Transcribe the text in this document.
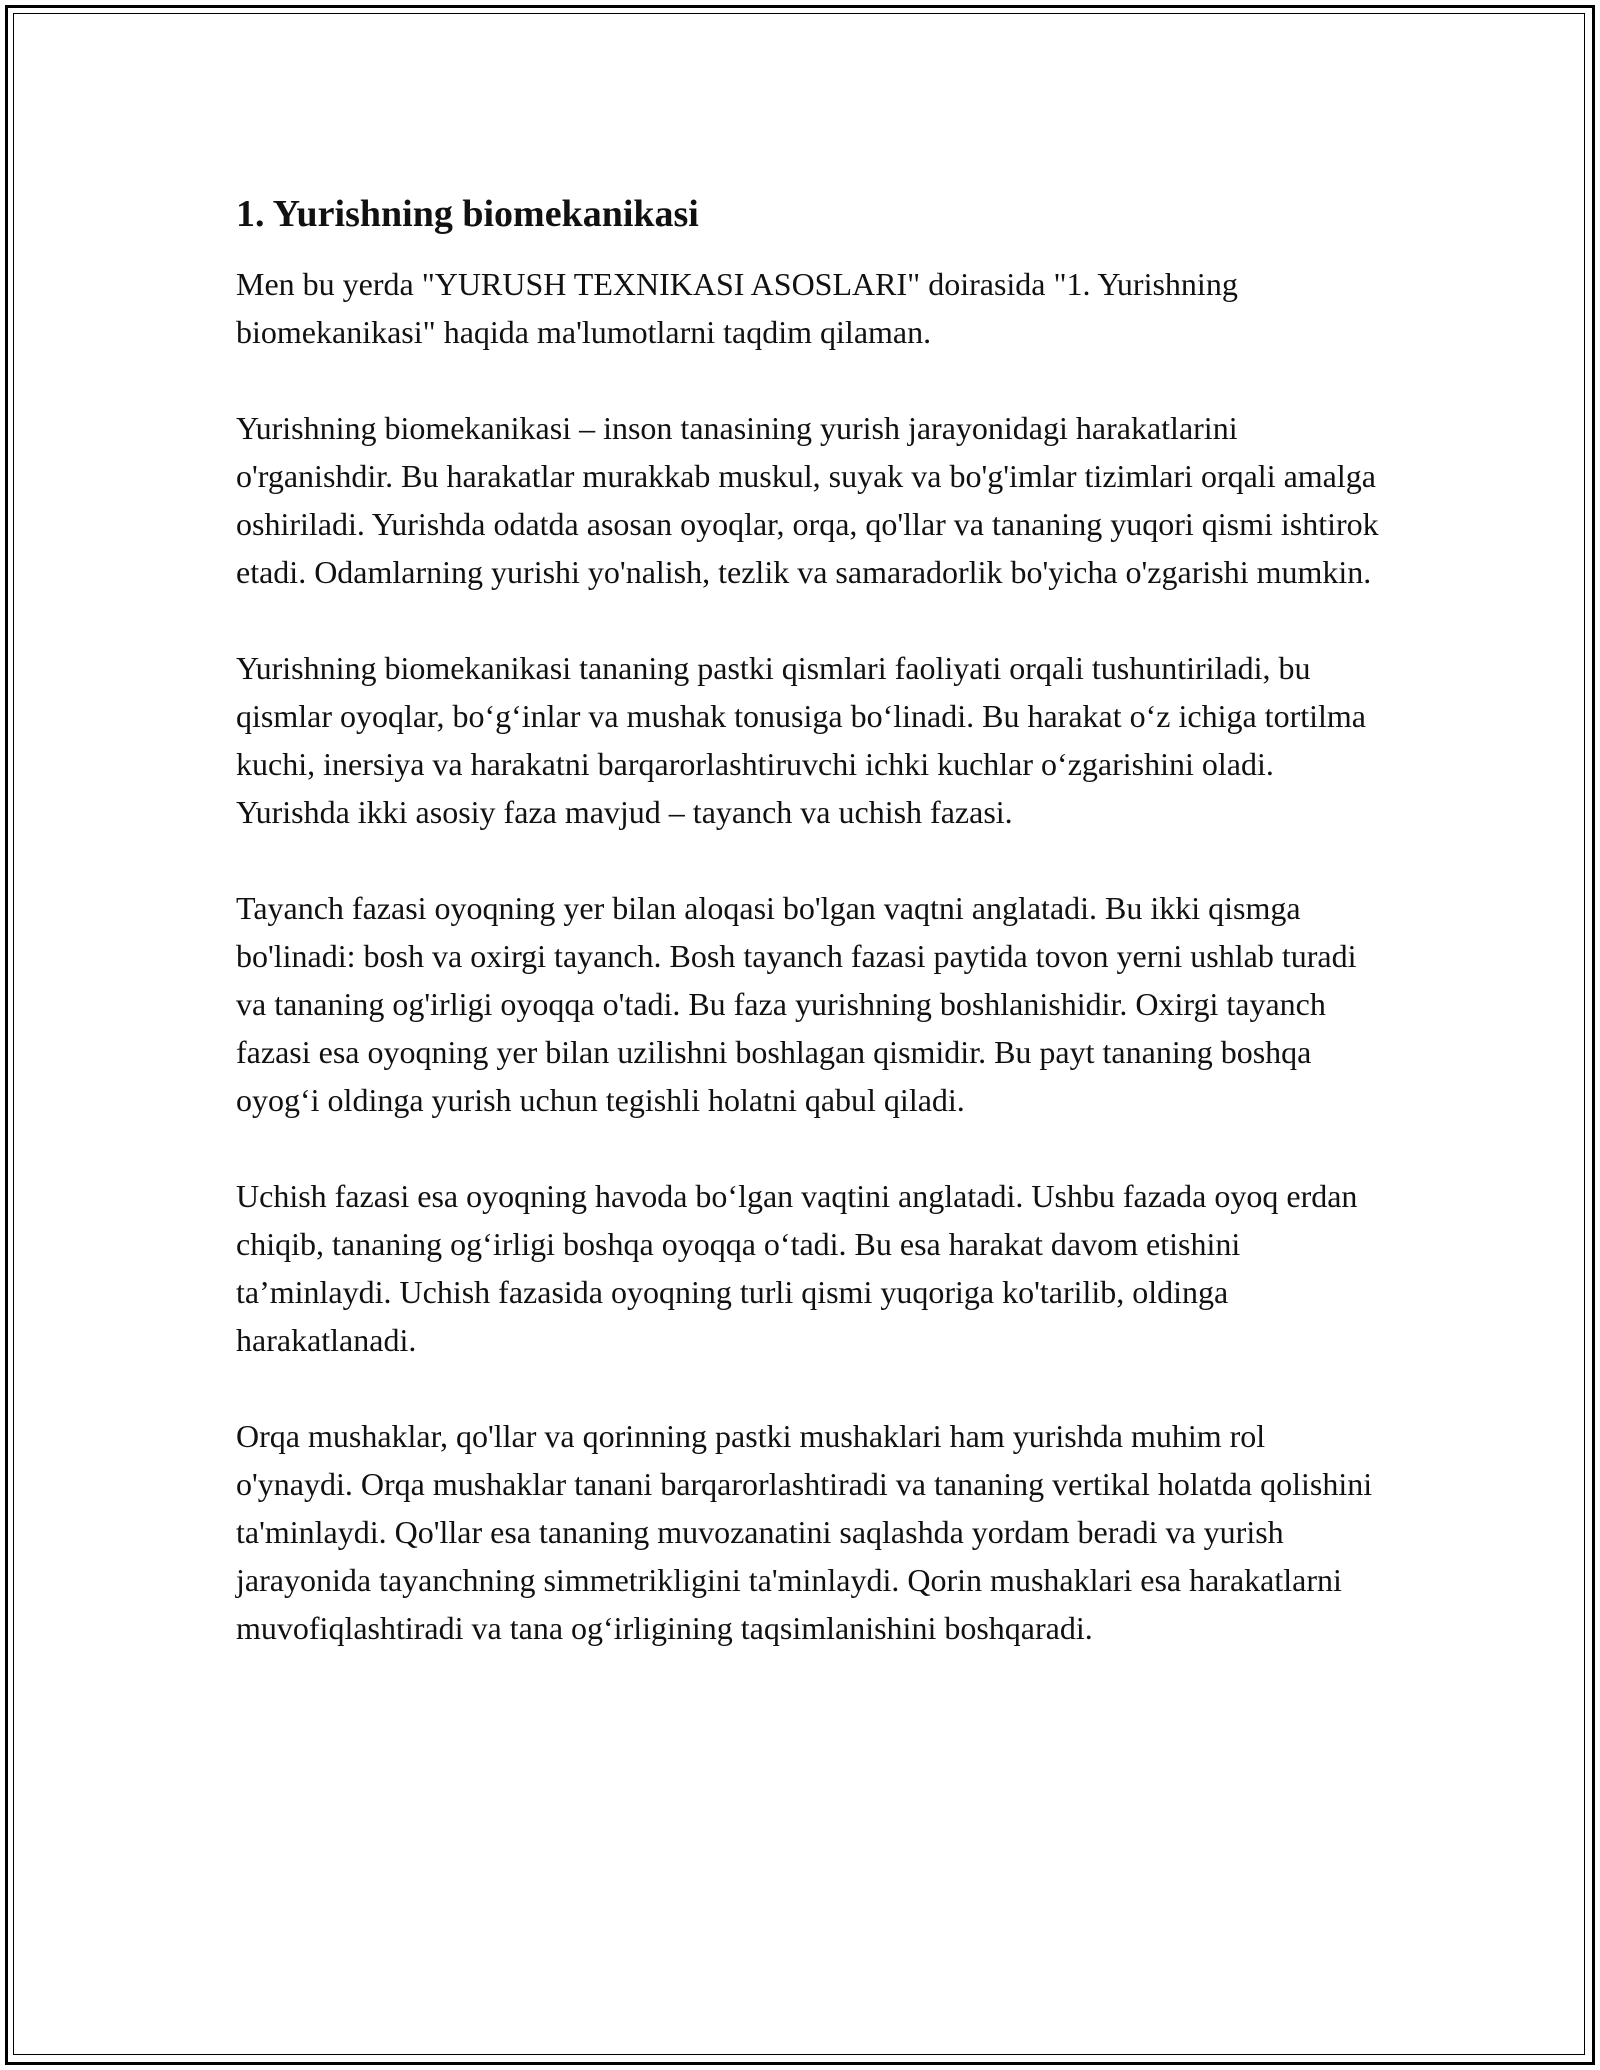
1. Yurishning biomekanikasi

Men bu yerda "YURUSH TEXNIKASI ASOSLARI" doirasida "1. Yurishning biomekanikasi" haqida ma'lumotlarni taqdim qilaman.

Yurishning biomekanikasi – inson tanasining yurish jarayonidagi harakatlarini o'rganishdir. Bu harakatlar murakkab muskul, suyak va bo'g'imlar tizimlari orqali amalga oshiriladi. Yurishda odatda asosan oyoqlar, orqa, qo'llar va tananing yuqori qismi ishtirok etadi. Odamlarning yurishi yo'nalish, tezlik va samaradorlik bo'yicha o'zgarishi mumkin.

Yurishning biomekanikasi tananing pastki qismlari faoliyati orqali tushuntiriladi, bu qismlar oyoqlar, bo‘g‘inlar va mushak tonusiga bo‘linadi. Bu harakat o‘z ichiga tortilma kuchi, inersiya va harakatni barqarorlashtiruvchi ichki kuchlar o‘zgarishini oladi. Yurishda ikki asosiy faza mavjud – tayanch va uchish fazasi.

Tayanch fazasi oyoqning yer bilan aloqasi bo'lgan vaqtni anglatadi. Bu ikki qismga bo'linadi: bosh va oxirgi tayanch. Bosh tayanch fazasi paytida tovon yerni ushlab turadi va tananing og'irligi oyoqqa o'tadi. Bu faza yurishning boshlanishidir. Oxirgi tayanch fazasi esa oyoqning yer bilan uzilishni boshlagan qismidir. Bu payt tananing boshqa oyog‘i oldinga yurish uchun tegishli holatni qabul qiladi.

Uchish fazasi esa oyoqning havoda bo‘lgan vaqtini anglatadi. Ushbu fazada oyoq erdan chiqib, tananing og‘irligi boshqa oyoqqa o‘tadi. Bu esa harakat davom etishini ta’minlaydi. Uchish fazasida oyoqning turli qismi yuqoriga ko'tarilib, oldinga harakatlanadi.

Orqa mushaklar, qo'llar va qorinning pastki mushaklari ham yurishda muhim rol o'ynaydi. Orqa mushaklar tanani barqarorlashtiradi va tananing vertikal holatda qolishini ta'minlaydi. Qo'llar esa tananing muvozanatini saqlashda yordam beradi va yurish jarayonida tayanchning simmetrikligini ta'minlaydi. Qorin mushaklari esa harakatlarni muvofiqlashtiradi va tana og‘irligining taqsimlanishini boshqaradi.
